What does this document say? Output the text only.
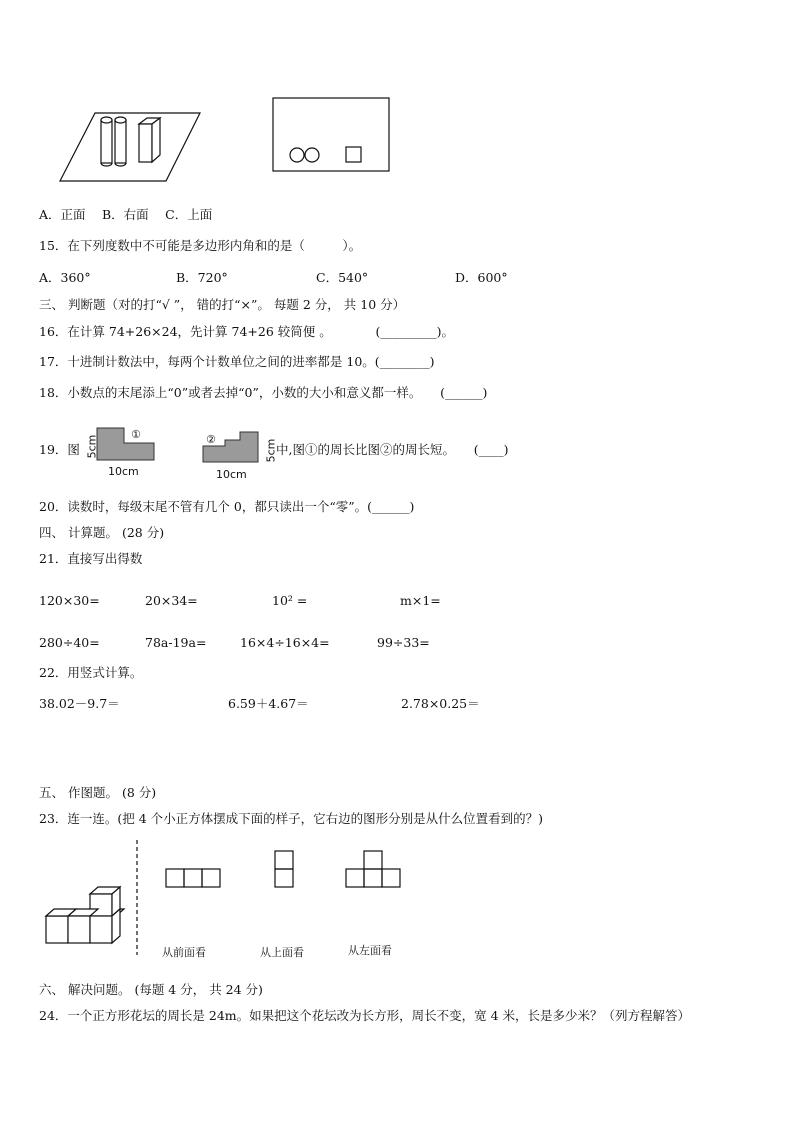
A．正面　 B．右面　 C．上面
15．在下列度数中不可能是多边形内角和的是（　　　）。
A．360°	B．720°	C．540°	D．600°
三、 判断题（对的打“√ ”， 错的打“×”。 每题 2 分， 共 10 分）
16．在计算 74+26×24，先计算 74+26 较简便 。　　　　(_________)。
17．十进制计数法中，每两个计数单位之间的进率都是 10。(________)
18．小数点的末尾添上“0”或者去掉“0”，小数的大小和意义都一样。　　(______)
19．图
①
5cm
10cm
②	5cm
10cm
中,图①的周长比图②的周长短。　　(____)
20．读数时，每级末尾不管有几个 0，都只读出一个“零”。(______)
四、 计算题。 (28 分)
21．直接写出得数
120×30=	20×34=	10² =	m×1=
280÷40=	78a-19a=	16×4÷16×4=	99÷33=
22．用竖式计算。
38.02－9.7＝	6.59＋4.67＝	2.78×0.25＝
五、 作图题。 (8 分)
23．连一连。(把 4 个小正方体摆成下面的样子，它右边的图形分别是从什么位置看到的？)
从前面看	从上面看	从左面看
六、 解决问题。 (每题 4 分， 共 24 分)
24．一个正方形花坛的周长是 24m。如果把这个花坛改为长方形，周长不变，宽 4 米，长是多少米？（列方程解答）
